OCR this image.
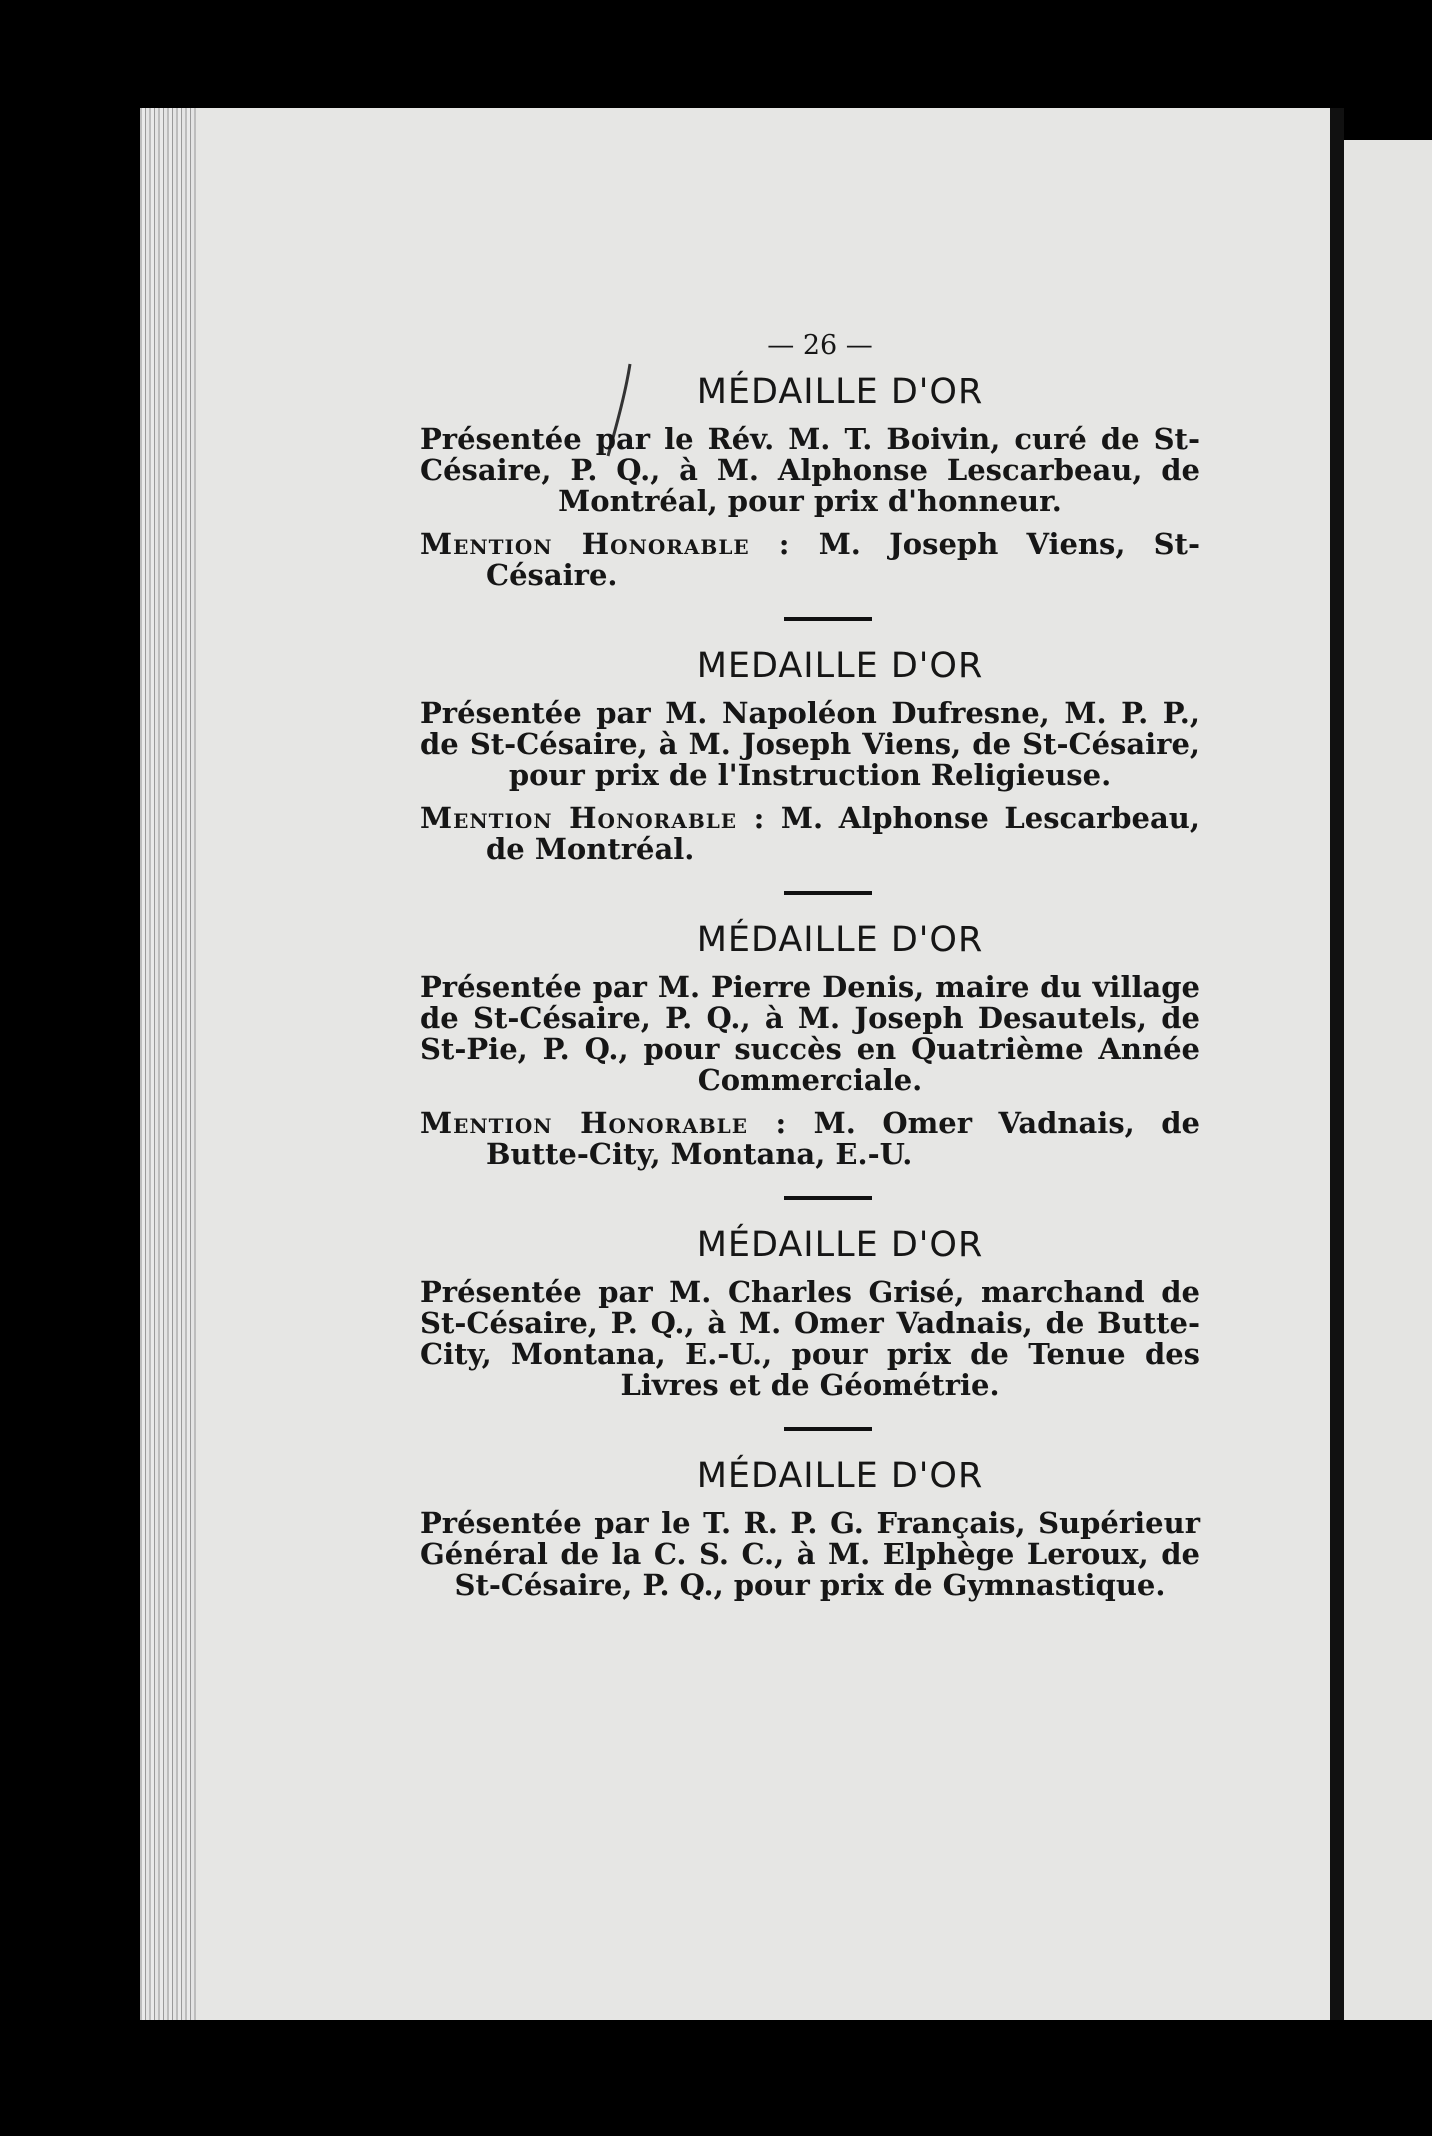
— 26 —
MÉDAILLE D'OR

Présentée par le Rév. M. T. Boivin, curé de St-Césaire, P. Q., à M. Alphonse Lescarbeau, de Montréal, pour prix d'honneur.

Mention Honorable : M. Joseph Viens, St-Césaire.

MEDAILLE D'OR

Présentée par M. Napoléon Dufresne, M. P. P., de St-Césaire, à M. Joseph Viens, de St-Césaire, pour prix de l'Instruction Religieuse.

Mention Honorable : M. Alphonse Lescarbeau, de Montréal.

MÉDAILLE D'OR

Présentée par M. Pierre Denis, maire du village de St-Césaire, P. Q., à M. Joseph Desautels, de St-Pie, P. Q., pour succès en Quatrième Année Commerciale.

Mention Honorable : M. Omer Vadnais, de Butte-City, Montana, E.-U.

MÉDAILLE D'OR

Présentée par M. Charles Grisé, marchand de St-Césaire, P. Q., à M. Omer Vadnais, de Butte-City, Montana, E.-U., pour prix de Tenue des Livres et de Géométrie.

MÉDAILLE D'OR

Présentée par le T. R. P. G. Français, Supérieur Général de la C. S. C., à M. Elphège Leroux, de St-Césaire, P. Q., pour prix de Gymnastique.
